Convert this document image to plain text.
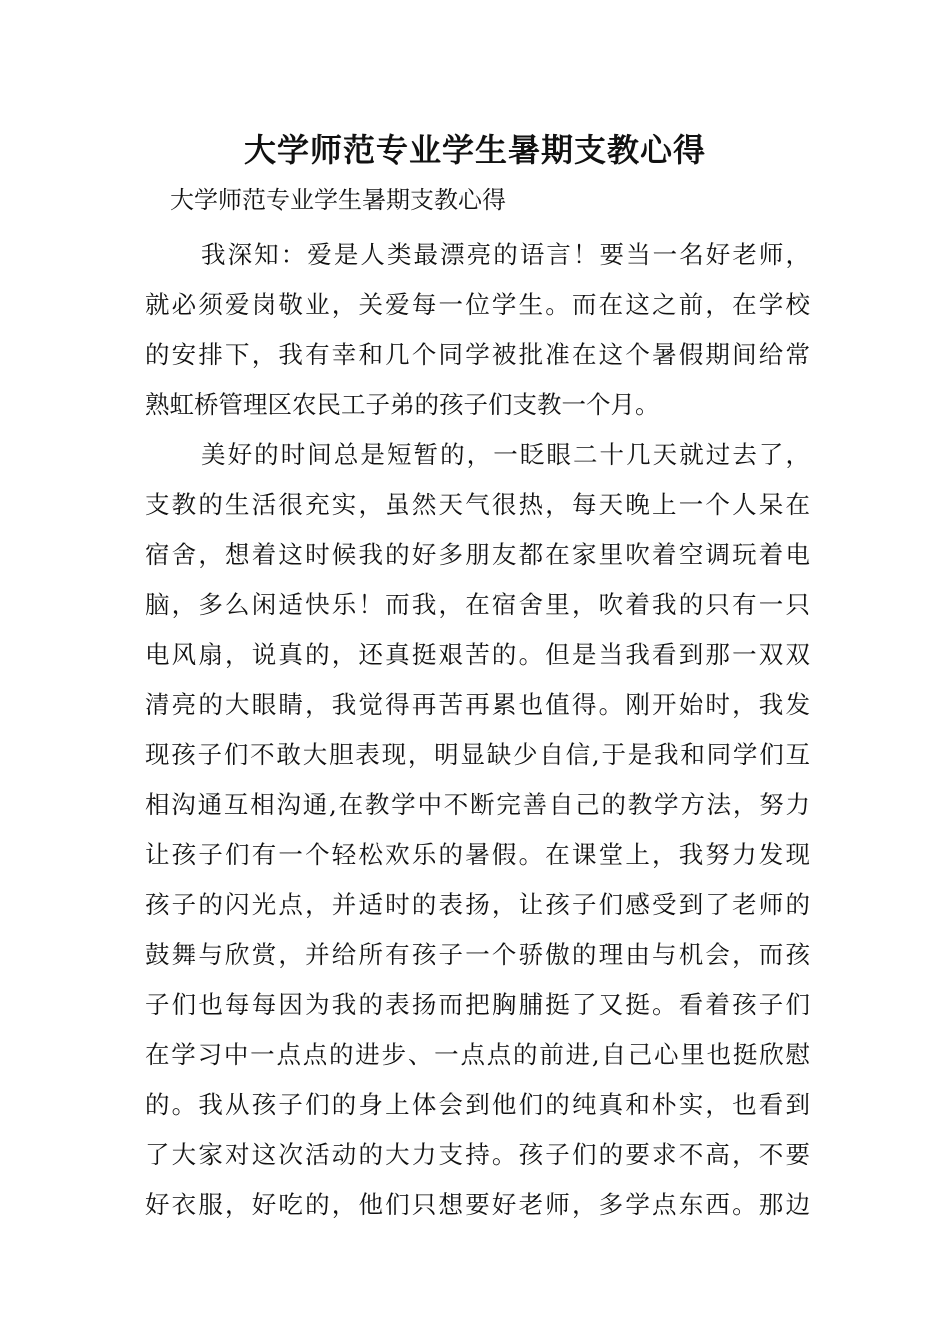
大学师范专业学生暑期支教心得

大学师范专业学生暑期支教心得

我深知：爱是人类最漂亮的语言！要当一名好老师，
就必须爱岗敬业，关爱每一位学生。而在这之前，在学校
的安排下，我有幸和几个同学被批准在这个暑假期间给常
熟虹桥管理区农民工子弟的孩子们支教一个月。
美好的时间总是短暂的，一眨眼二十几天就过去了，
支教的生活很充实，虽然天气很热，每天晚上一个人呆在
宿舍，想着这时候我的好多朋友都在家里吹着空调玩着电
脑，多么闲适快乐！而我，在宿舍里，吹着我的只有一只
电风扇，说真的，还真挺艰苦的。但是当我看到那一双双
清亮的大眼睛，我觉得再苦再累也值得。刚开始时，我发
现孩子们不敢大胆表现，明显缺少自信,于是我和同学们互
相沟通互相沟通,在教学中不断完善自己的教学方法，努力
让孩子们有一个轻松欢乐的暑假。在课堂上，我努力发现
孩子的闪光点，并适时的表扬，让孩子们感受到了老师的
鼓舞与欣赏，并给所有孩子一个骄傲的理由与机会，而孩
子们也每每因为我的表扬而把胸脯挺了又挺。看着孩子们
在学习中一点点的进步、一点点的前进,自己心里也挺欣慰
的。我从孩子们的身上体会到他们的纯真和朴实，也看到
了大家对这次活动的大力支持。孩子们的要求不高，不要
好衣服，好吃的，他们只想要好老师，多学点东西。那边
